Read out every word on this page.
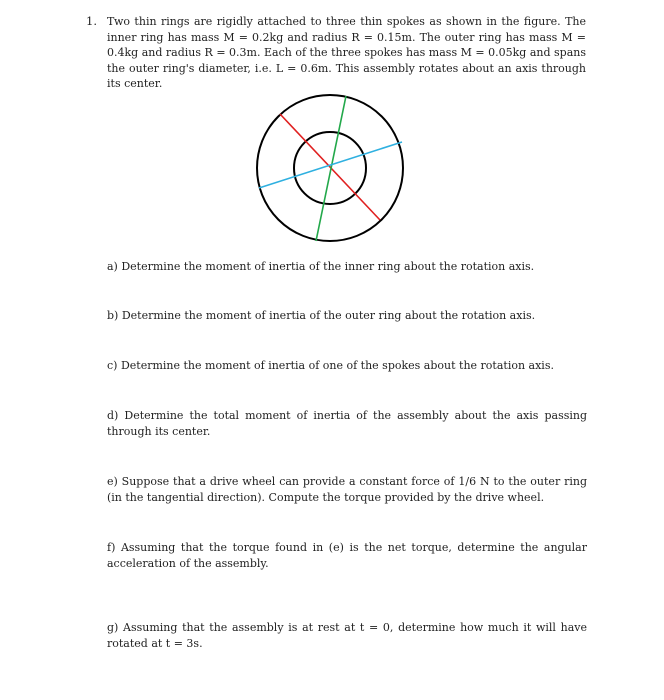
1. Two thin rings are rigidly attached to three thin spokes as shown in the figure. The inner ring has mass M = 0.2kg and radius R = 0.15m. The outer ring has mass M = 0.4kg and radius R = 0.3m. Each of the three spokes has mass M = 0.05kg and spans the outer ring's diameter, i.e. L = 0.6m. This assembly rotates about an axis through its center.
a) Determine the moment of inertia of the inner ring about the rotation axis.
b) Determine the moment of inertia of the outer ring about the rotation axis.
c) Determine the moment of inertia of one of the spokes about the rotation axis.
d) Determine the total moment of inertia of the assembly about the axis passing through its center.
e) Suppose that a drive wheel can provide a constant force of 1/6 N to the outer ring (in the tangential direction). Compute the torque provided by the drive wheel.
f) Assuming that the torque found in (e) is the net torque, determine the angular acceleration of the assembly.
g) Assuming that the assembly is at rest at t = 0, determine how much it will have rotated at t = 3s.
